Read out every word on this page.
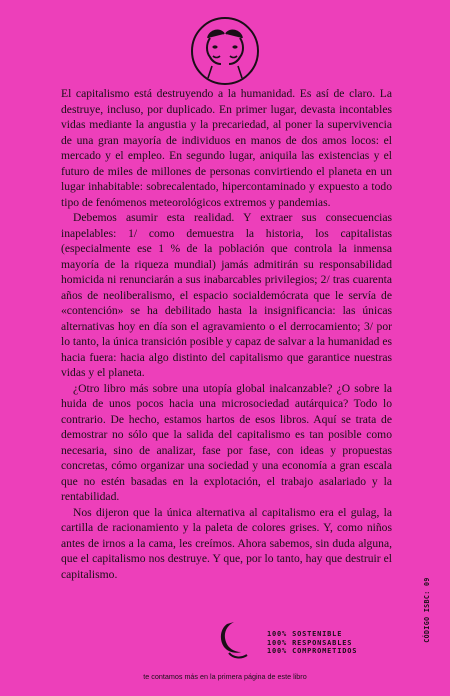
El capitalismo está destruyendo a la humanidad. Es así de claro. La destruye, incluso, por duplicado. En primer lugar, devasta incontables vidas mediante la angustia y la precariedad, al poner la supervivencia de una gran mayoría de individuos en manos de dos amos locos: el mercado y el empleo. En segundo lugar, aniquila las existencias y el futuro de miles de millones de personas convirtiendo el planeta en un lugar inhabitable: sobrecalentado, hipercontaminado y expuesto a todo tipo de fenómenos meteorológicos extremos y pandemias.

Debemos asumir esta realidad. Y extraer sus consecuencias inapelables: 1/ como demuestra la historia, los capitalistas (especialmente ese 1 % de la población que controla la inmensa mayoría de la riqueza mundial) jamás admitirán su responsabilidad homicida ni renunciarán a sus inabarcables privilegios; 2/ tras cuarenta años de neoliberalismo, el espacio socialdemócrata que le servía de «contención» se ha debilitado hasta la insignificancia: las únicas alternativas hoy en día son el agravamiento o el derrocamiento; 3/ por lo tanto, la única transición posible y capaz de salvar a la humanidad es hacia fuera: hacia algo distinto del capitalismo que garantice nuestras vidas y el planeta.

¿Otro libro más sobre una utopía global inalcanzable? ¿O sobre la huida de unos pocos hacia una microsociedad autárquica? Todo lo contrario. De hecho, estamos hartos de esos libros. Aquí se trata de demostrar no sólo que la salida del capitalismo es tan posible como necesaria, sino de analizar, fase por fase, con ideas y propuestas concretas, cómo organizar una sociedad y una economía a gran escala que no estén basadas en la explotación, el trabajo asalariado y la rentabilidad.

Nos dijeron que la única alternativa al capitalismo era el gulag, la cartilla de racionamiento y la paleta de colores grises. Y, como niños antes de irnos a la cama, les creímos. Ahora sabemos, sin duda alguna, que el capitalismo nos destruye. Y que, por lo tanto, hay que destruir el capitalismo.

CÓDIGO ISBC: 09
100% SOSTENIBLE
100% RESPONSABLES
100% COMPROMETIDOS
te contamos más en la primera página de este libro
